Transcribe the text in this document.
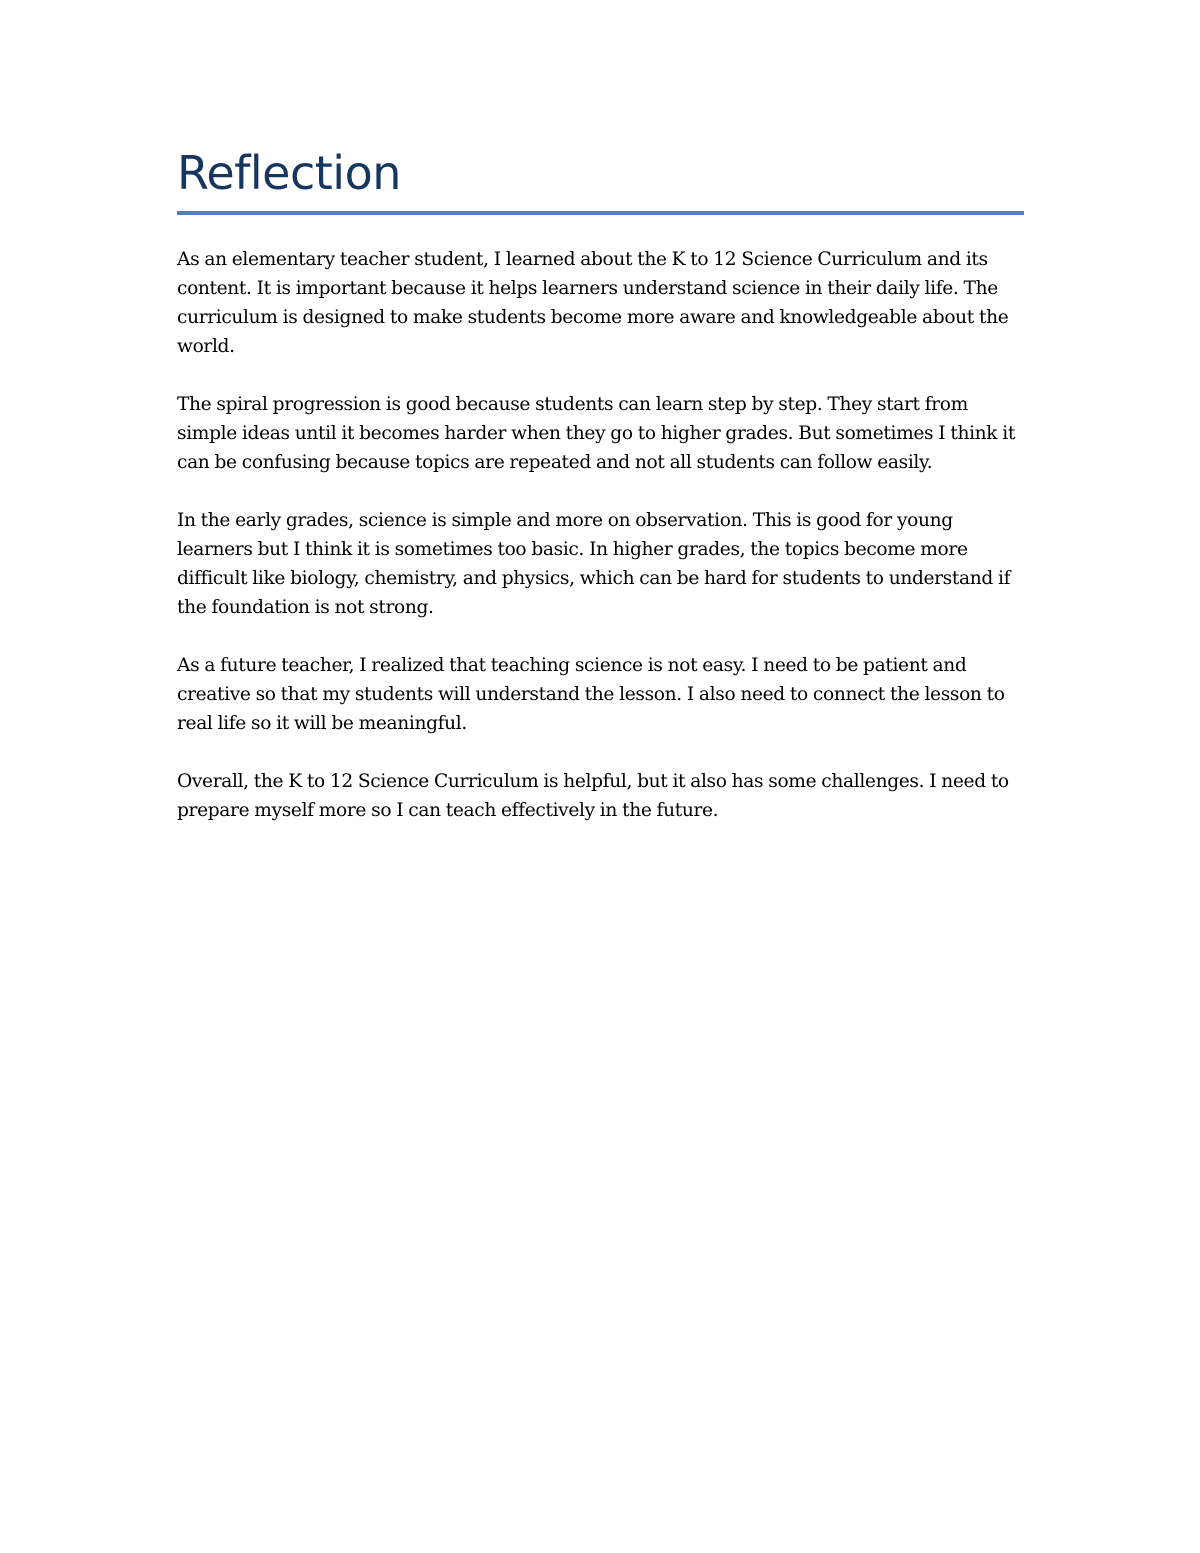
Reflection

As an elementary teacher student, I learned about the K to 12 Science Curriculum and its content. It is important because it helps learners understand science in their daily life. The curriculum is designed to make students become more aware and knowledgeable about the world.

The spiral progression is good because students can learn step by step. They start from simple ideas until it becomes harder when they go to higher grades. But sometimes I think it can be confusing because topics are repeated and not all students can follow easily.

In the early grades, science is simple and more on observation. This is good for young learners but I think it is sometimes too basic. In higher grades, the topics become more difficult like biology, chemistry, and physics, which can be hard for students to understand if the foundation is not strong.

As a future teacher, I realized that teaching science is not easy. I need to be patient and creative so that my students will understand the lesson. I also need to connect the lesson to real life so it will be meaningful.

Overall, the K to 12 Science Curriculum is helpful, but it also has some challenges. I need to prepare myself more so I can teach effectively in the future.
